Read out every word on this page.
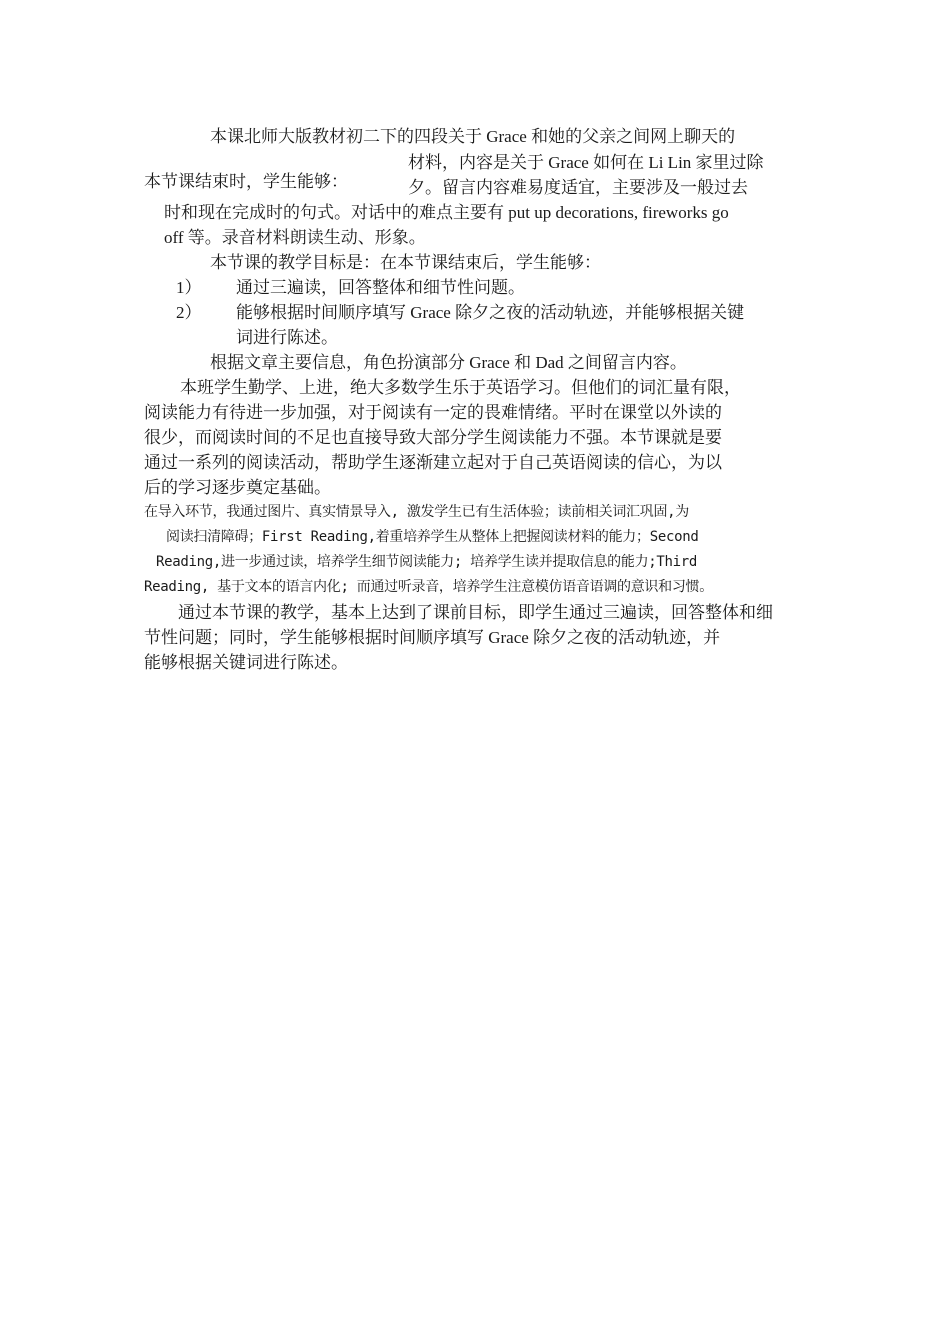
本节课结束时，学生能够：
本课北师大版教材初二下的四段关于 Grace 和她的父亲之间网上聊天的
材料，内容是关于 Grace 如何在 Li Lin 家里过除
夕。留言内容难易度适宜，主要涉及一般过去
时和现在完成时的句式。对话中的难点主要有 put up decorations, fireworks go
off 等。录音材料朗读生动、形象。
本节课的教学目标是：在本节课结束后，学生能够：
1） 通过三遍读，回答整体和细节性问题。
2） 能够根据时间顺序填写 Grace 除夕之夜的活动轨迹，并能够根据关键
词进行陈述。
根据文章主要信息，角色扮演部分 Grace 和 Dad 之间留言内容。
本班学生勤学、上进，绝大多数学生乐于英语学习。但他们的词汇量有限，
阅读能力有待进一步加强，对于阅读有一定的畏难情绪。平时在课堂以外读的
很少，而阅读时间的不足也直接导致大部分学生阅读能力不强。本节课就是要
通过一系列的阅读活动，帮助学生逐渐建立起对于自己英语阅读的信心，为以
后的学习逐步奠定基础。
在导入环节，我通过图片、真实情景导入, 激发学生已有生活体验；读前相关词汇巩固,为
阅读扫清障碍；First Reading,着重培养学生从整体上把握阅读材料的能力；Second
Reading,进一步通过读，培养学生细节阅读能力; 培养学生读并提取信息的能力;Third
Reading, 基于文本的语言内化; 而通过听录音，培养学生注意模仿语音语调的意识和习惯。
通过本节课的教学，基本上达到了课前目标，即学生通过三遍读，回答整体和细
节性问题；同时，学生能够根据时间顺序填写 Grace 除夕之夜的活动轨迹，并
能够根据关键词进行陈述。
